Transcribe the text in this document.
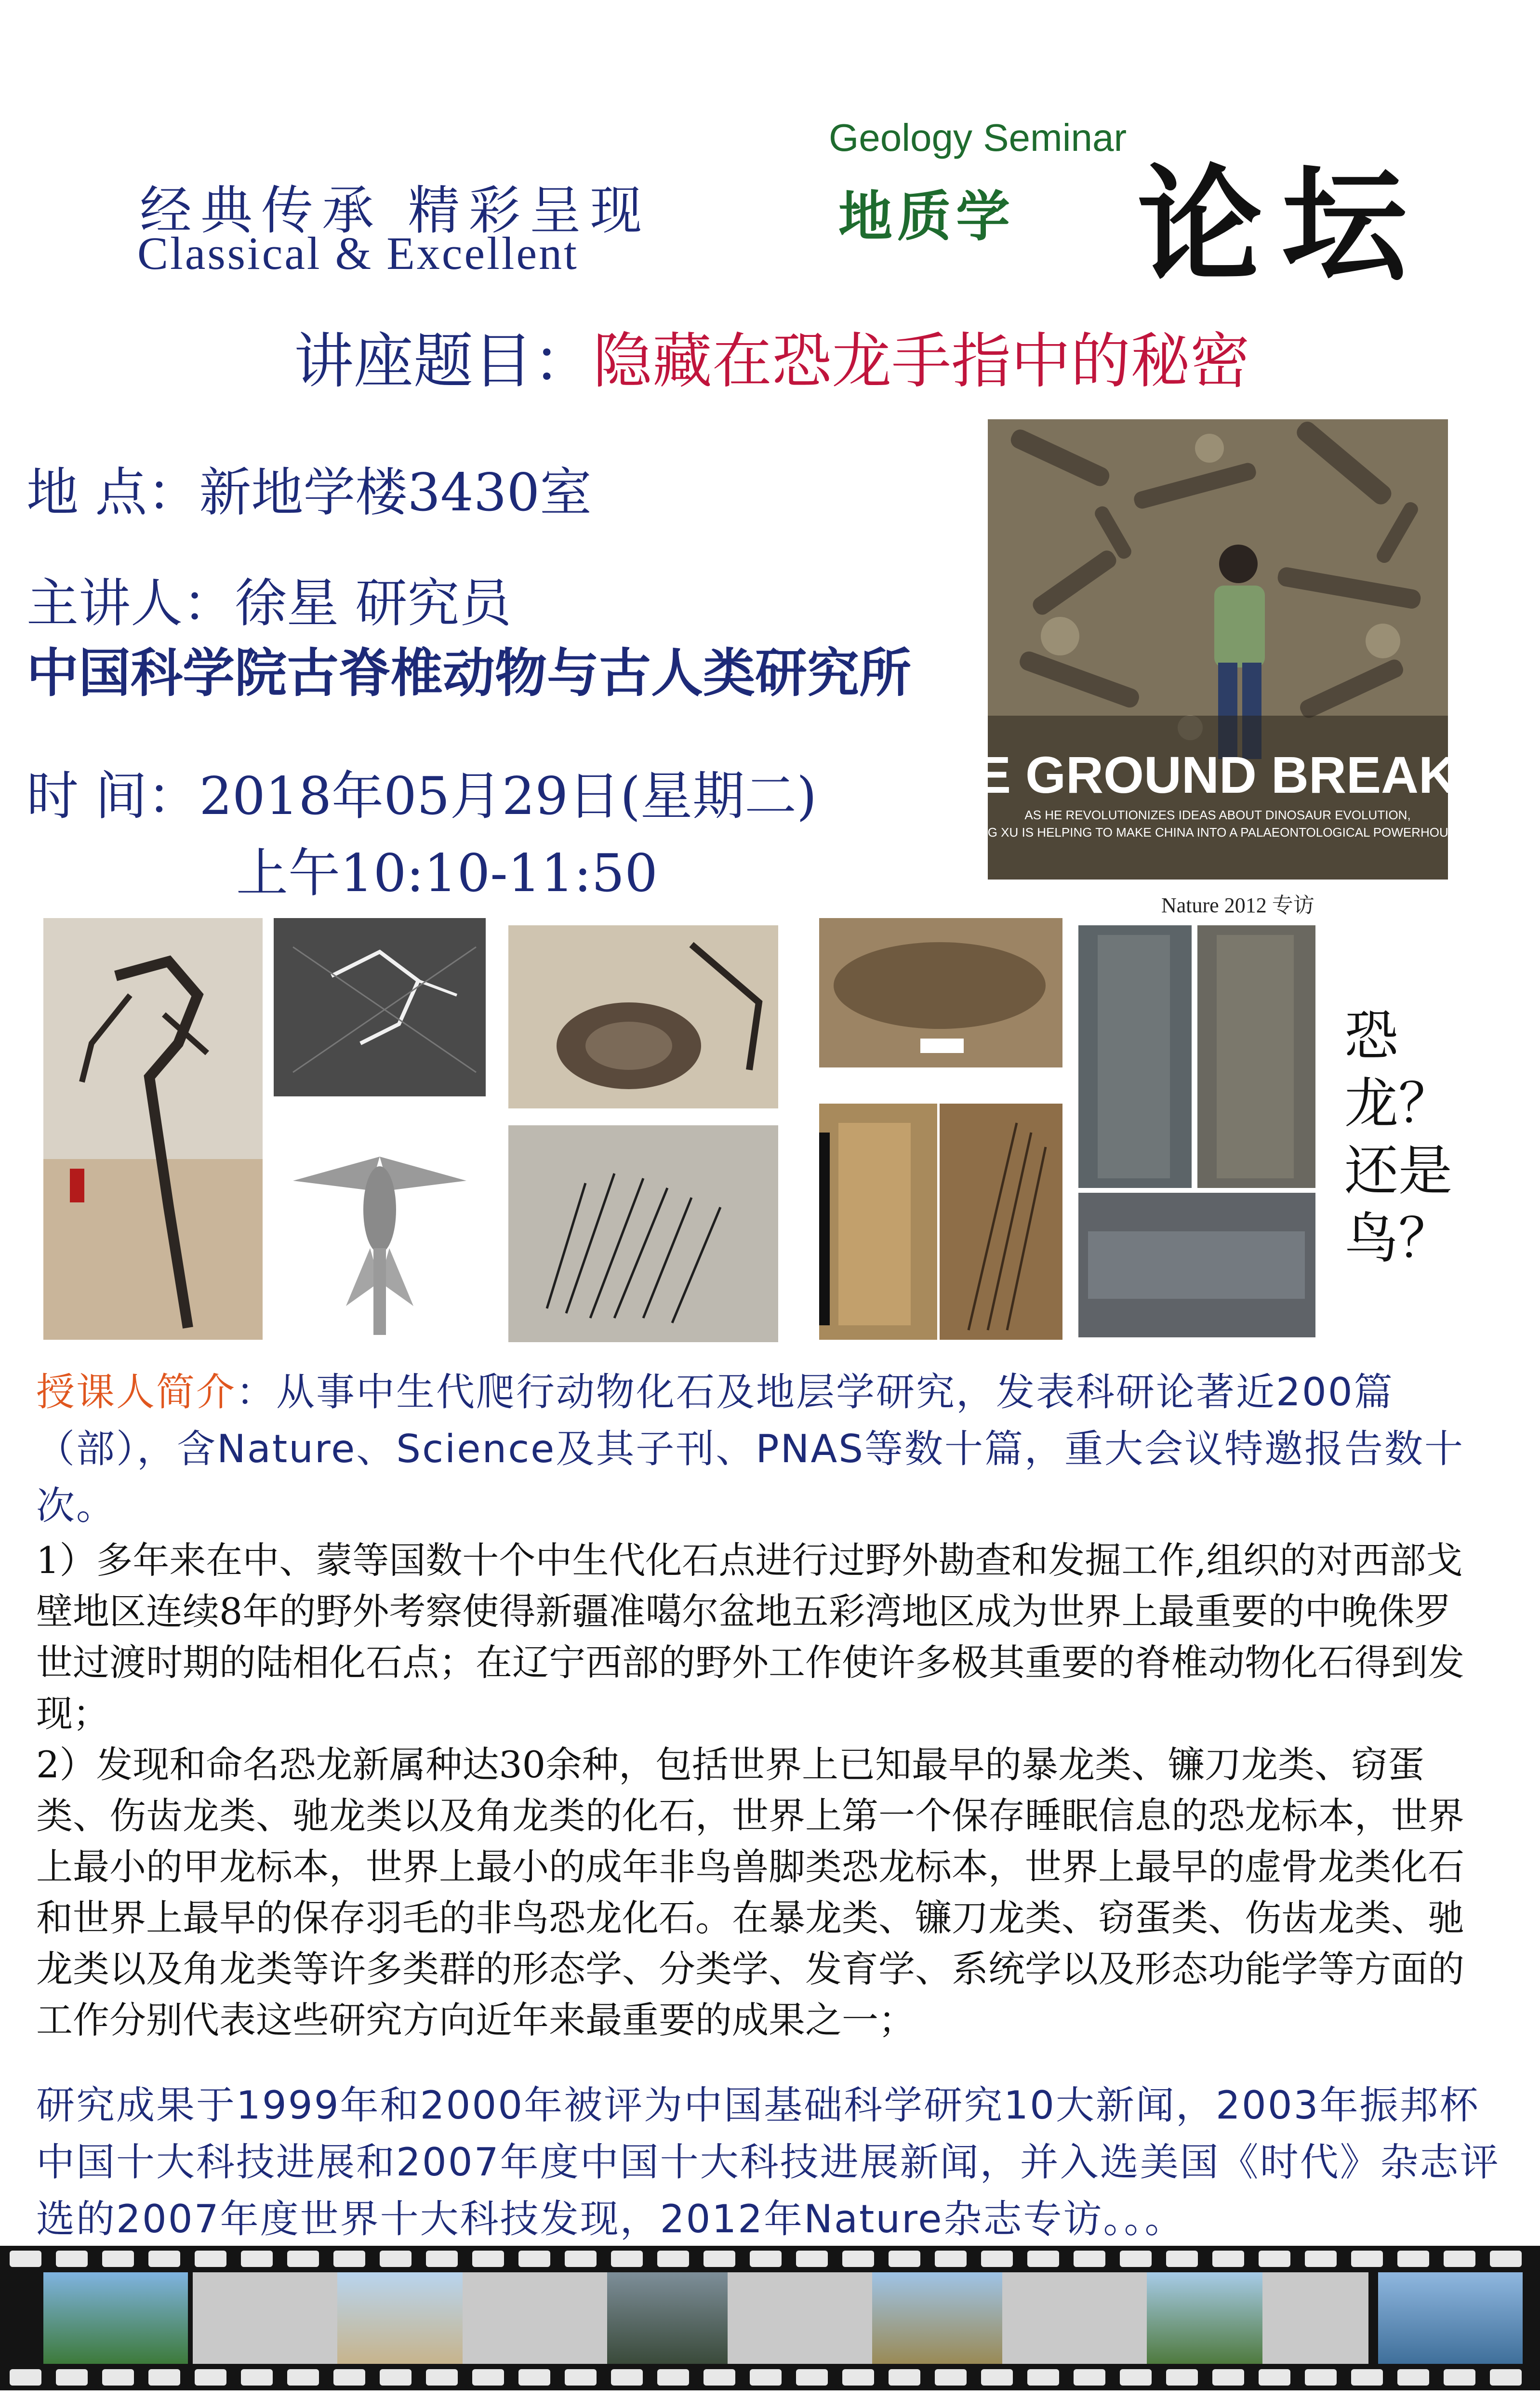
经典传承 精彩呈现
Classical & Excellent
Geology Seminar
地质学 论坛
讲座题目：隐藏在恐龙手指中的秘密
地 点：新地学楼3430室
主讲人：徐星 研究员
中国科学院古脊椎动物与古人类研究所
时 间：2018年05月29日(星期二)
上午10:10-11:50
THE GROUND BREAKER
AS HE REVOLUTIONIZES IDEAS ABOUT DINOSAUR EVOLUTION,
XING XU IS HELPING TO MAKE CHINA INTO A PALAEONTOLOGICAL POWERHOUSE.
Nature 2012 专访
恐
龙？
还是
鸟？
授课人简介：从事中生代爬行动物化石及地层学研究，发表科研论著近200篇（部），含Nature、Science及其子刊、PNAS等数十篇，重大会议特邀报告数十次。

1）多年来在中、蒙等国数十个中生代化石点进行过野外勘查和发掘工作,组织的对西部戈壁地区连续8年的野外考察使得新疆准噶尔盆地五彩湾地区成为世界上最重要的中晚侏罗世过渡时期的陆相化石点；在辽宁西部的野外工作使许多极其重要的脊椎动物化石得到发现；

2）发现和命名恐龙新属种达30余种，包括世界上已知最早的暴龙类、镰刀龙类、窃蛋类、伤齿龙类、驰龙类以及角龙类的化石，世界上第一个保存睡眠信息的恐龙标本，世界上最小的甲龙标本，世界上最小的成年非鸟兽脚类恐龙标本，世界上最早的虚骨龙类化石和世界上最早的保存羽毛的非鸟恐龙化石。在暴龙类、镰刀龙类、窃蛋类、伤齿龙类、驰龙类以及角龙类等许多类群的形态学、分类学、发育学、系统学以及形态功能学等方面的工作分别代表这些研究方向近年来最重要的成果之一；

研究成果于1999年和2000年被评为中国基础科学研究10大新闻，2003年振邦杯中国十大科技进展和2007年度中国十大科技进展新闻，并入选美国《时代》杂志评选的2007年度世界十大科技发现，2012年Nature杂志专访。。。
